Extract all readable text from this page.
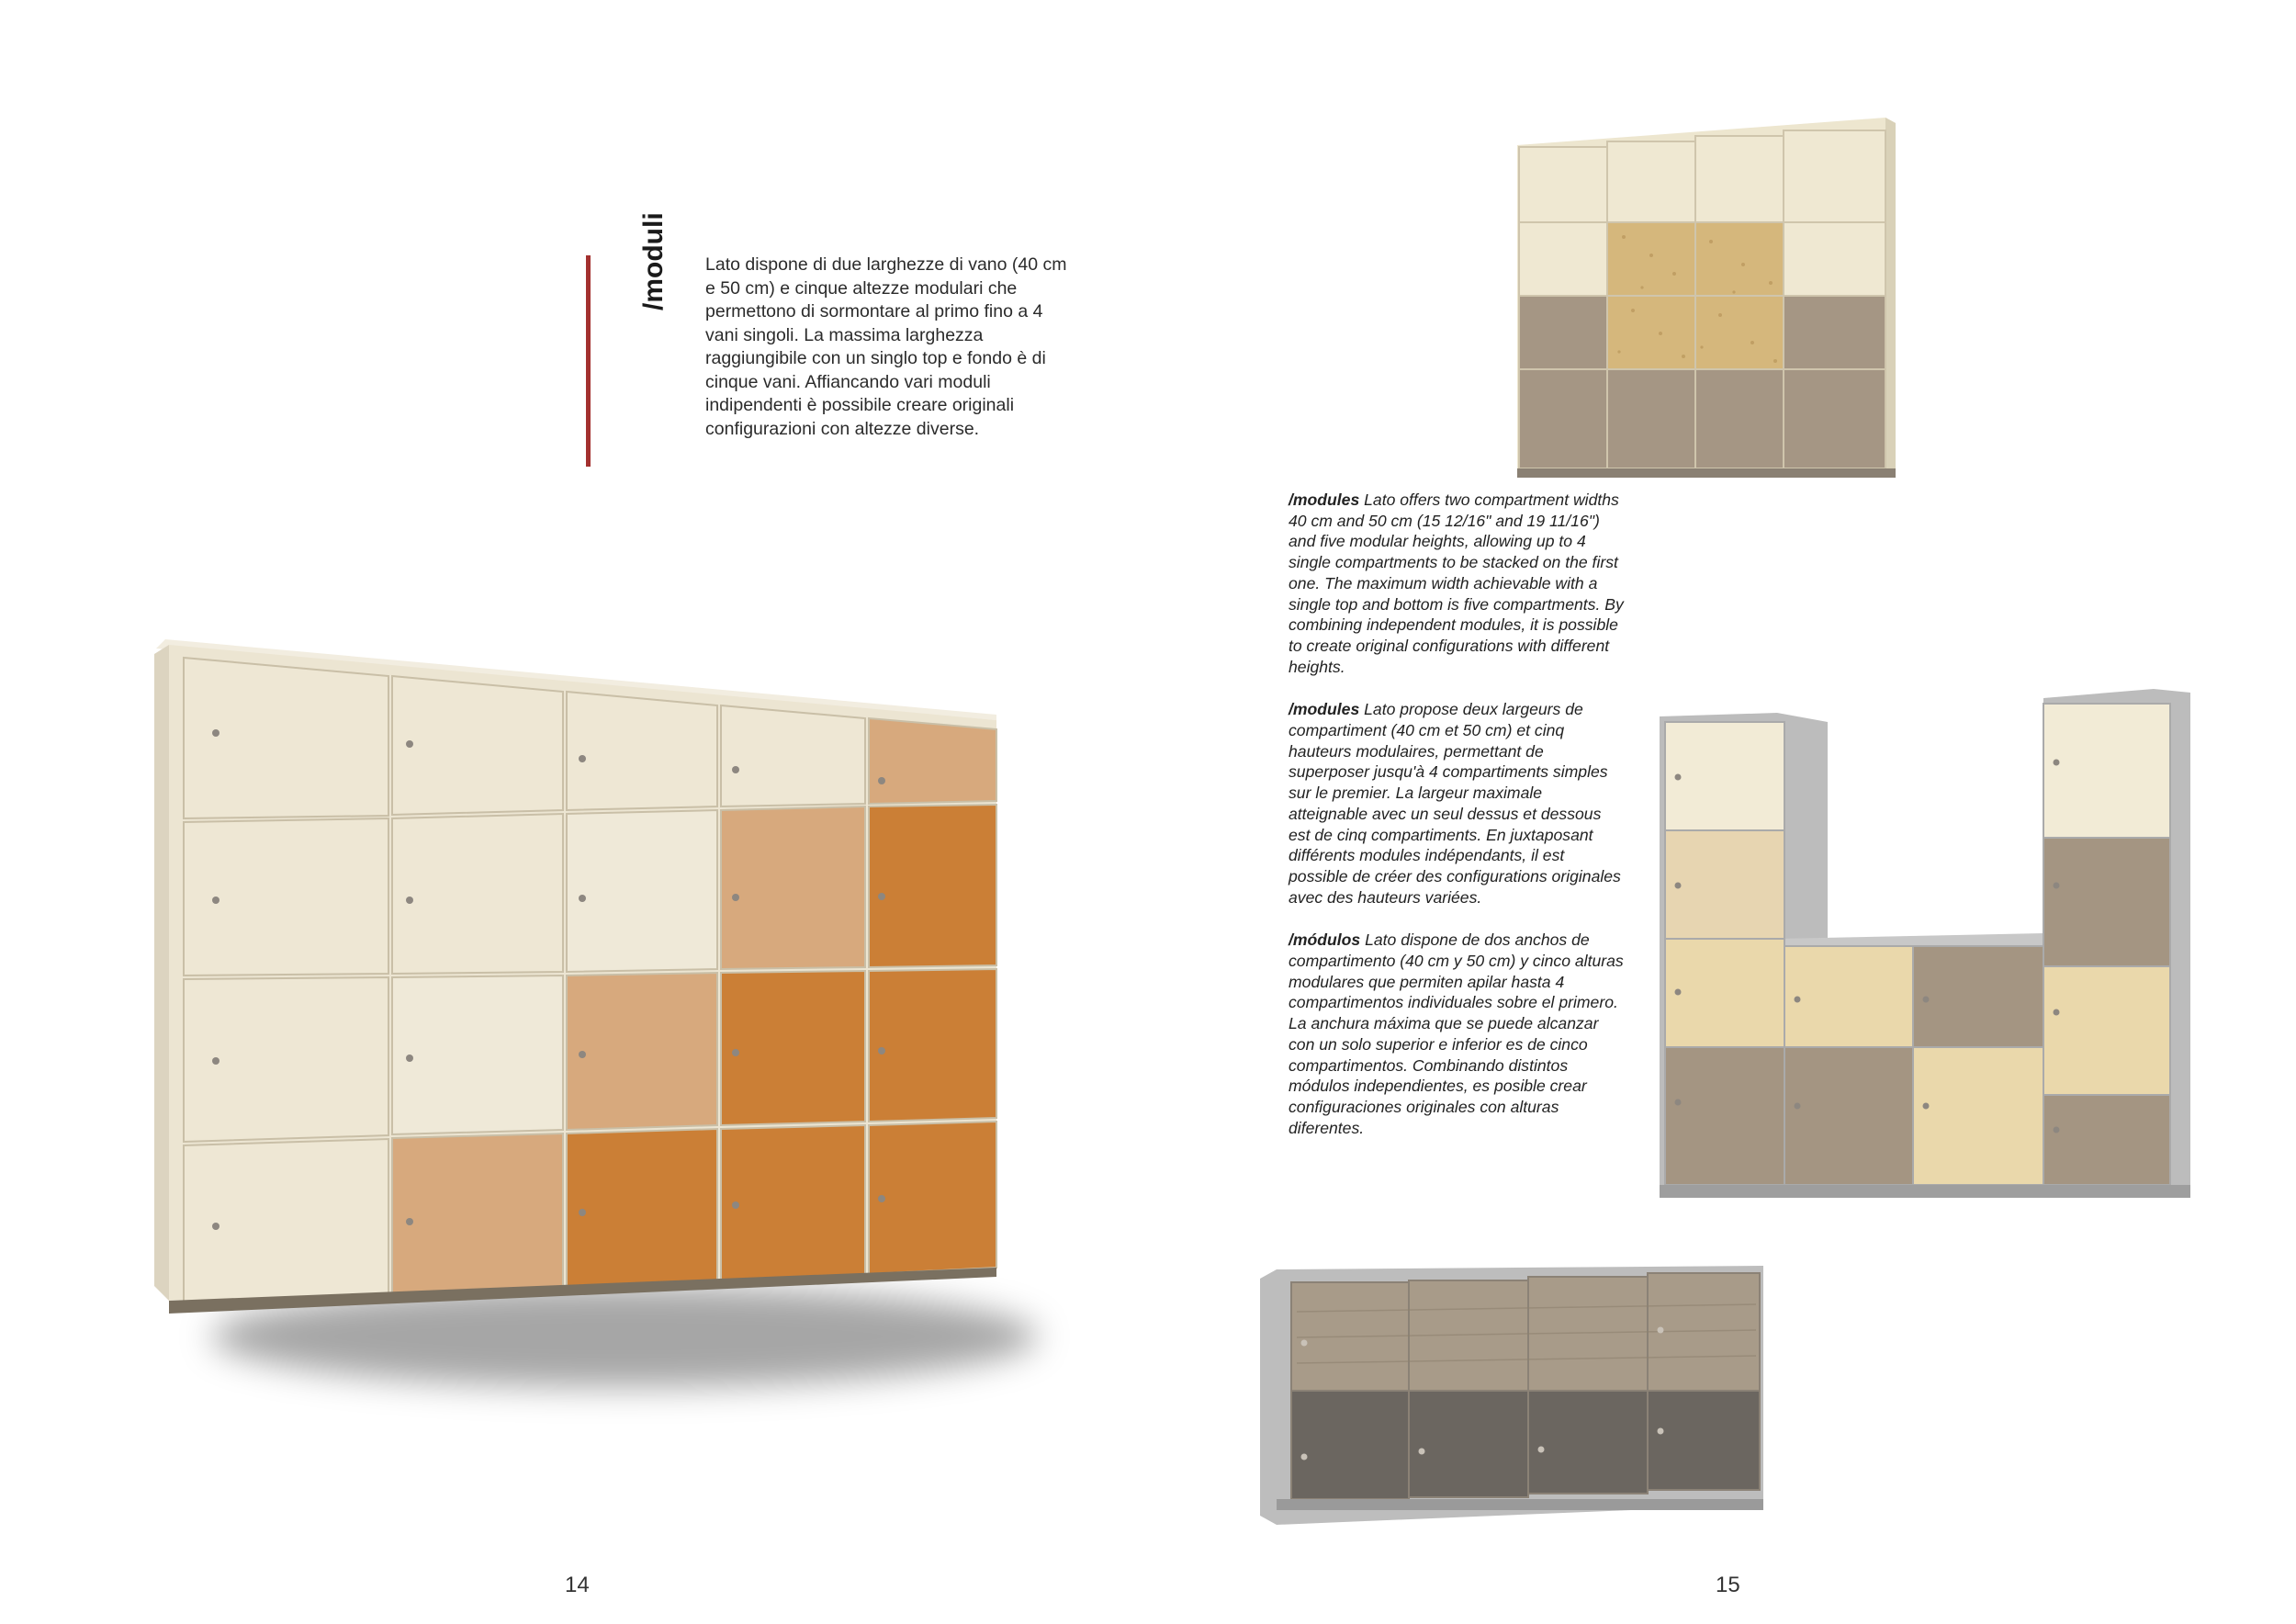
/moduli Lato dispone di due larghezze di vano (40 cm e 50 cm) e cinque altezze modulari che permettono di sormontare al primo fino a 4 vani singoli. La massima larghezza raggiungibile con un singlo top e fondo è di cinque vani. Affiancando vari moduli indipendenti è possibile creare originali configurazioni con altezze diverse.

/modules Lato offers two compartment widths 40 cm and 50 cm (15 12/16" and 19 11/16") and five modular heights, allowing up to 4 single compartments to be stacked on the first one. The maximum width achievable with a single top and bottom is five compartments. By combining independent modules, it is possible to create original configurations with different heights.

/modules Lato propose deux largeurs de compartiment (40 cm et 50 cm) et cinq hauteurs modulaires, permettant de superposer jusqu'à 4 compartiments simples sur le premier. La largeur maximale atteignable avec un seul dessus et dessous est de cinq compartiments. En juxtaposant différents modules indépendants, il est possible de créer des configurations originales avec des hauteurs variées.

/módulos Lato dispone de dos anchos de compartimento (40 cm y 50 cm) y cinco alturas modulares que permiten apilar hasta 4 compartimentos individuales sobre el primero. La anchura máxima que se puede alcanzar con un solo superior e inferior es de cinco compartimentos. Combinando distintos módulos independientes, es posible crear configuraciones originales con alturas diferentes.

14	15
